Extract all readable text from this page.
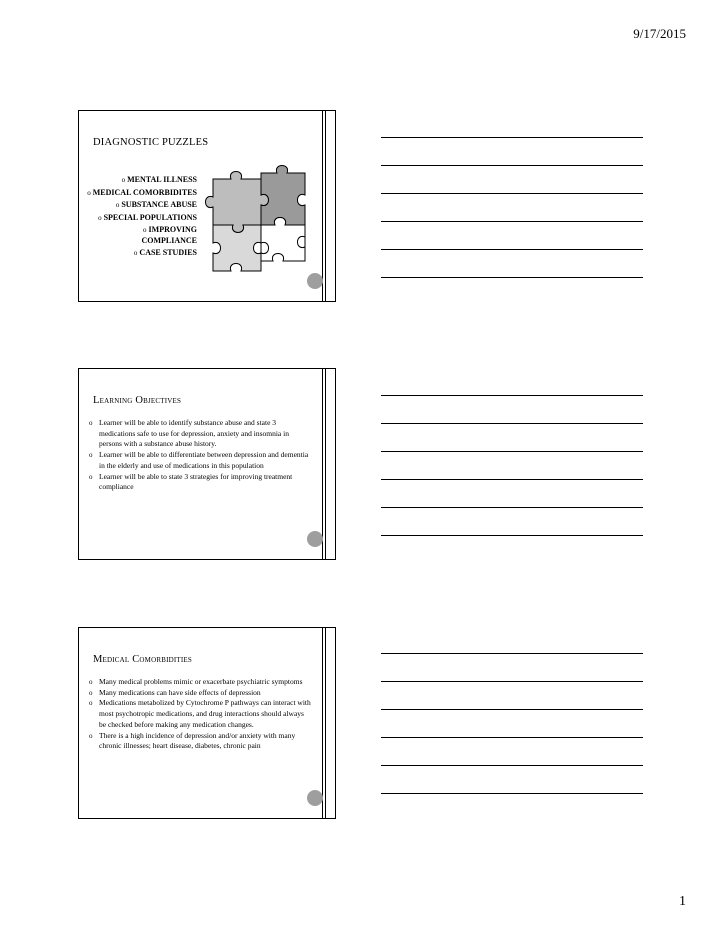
9/17/2015
DIAGNOSTIC PUZZLES
o MENTAL ILLNESS
o MEDICAL COMORBIDITES
o SUBSTANCE ABUSE
o SPECIAL POPULATIONS
o IMPROVING COMPLIANCE
o CASE STUDIES
Learning Objectives
o Learner will be able to identify substance abuse and state 3 medications safe to use for depression, anxiety and insomnia in persons with a substance abuse history.
o Learner will be able to differentiate between depression and dementia in the elderly and use of medications in this population
o Learner will be able to state 3 strategies for improving treatment compliance
Medical Comorbidities
o Many medical problems mimic or exacerbate psychiatric symptoms
o Many medications can have side effects of depression
o Medications metabolized by Cytochrome P pathways can interact with most psychotropic medications, and drug interactions should always be checked before making any medication changes.
o There is a high incidence of depression and/or anxiety with many chronic illnesses; heart disease, diabetes, chronic pain
1
